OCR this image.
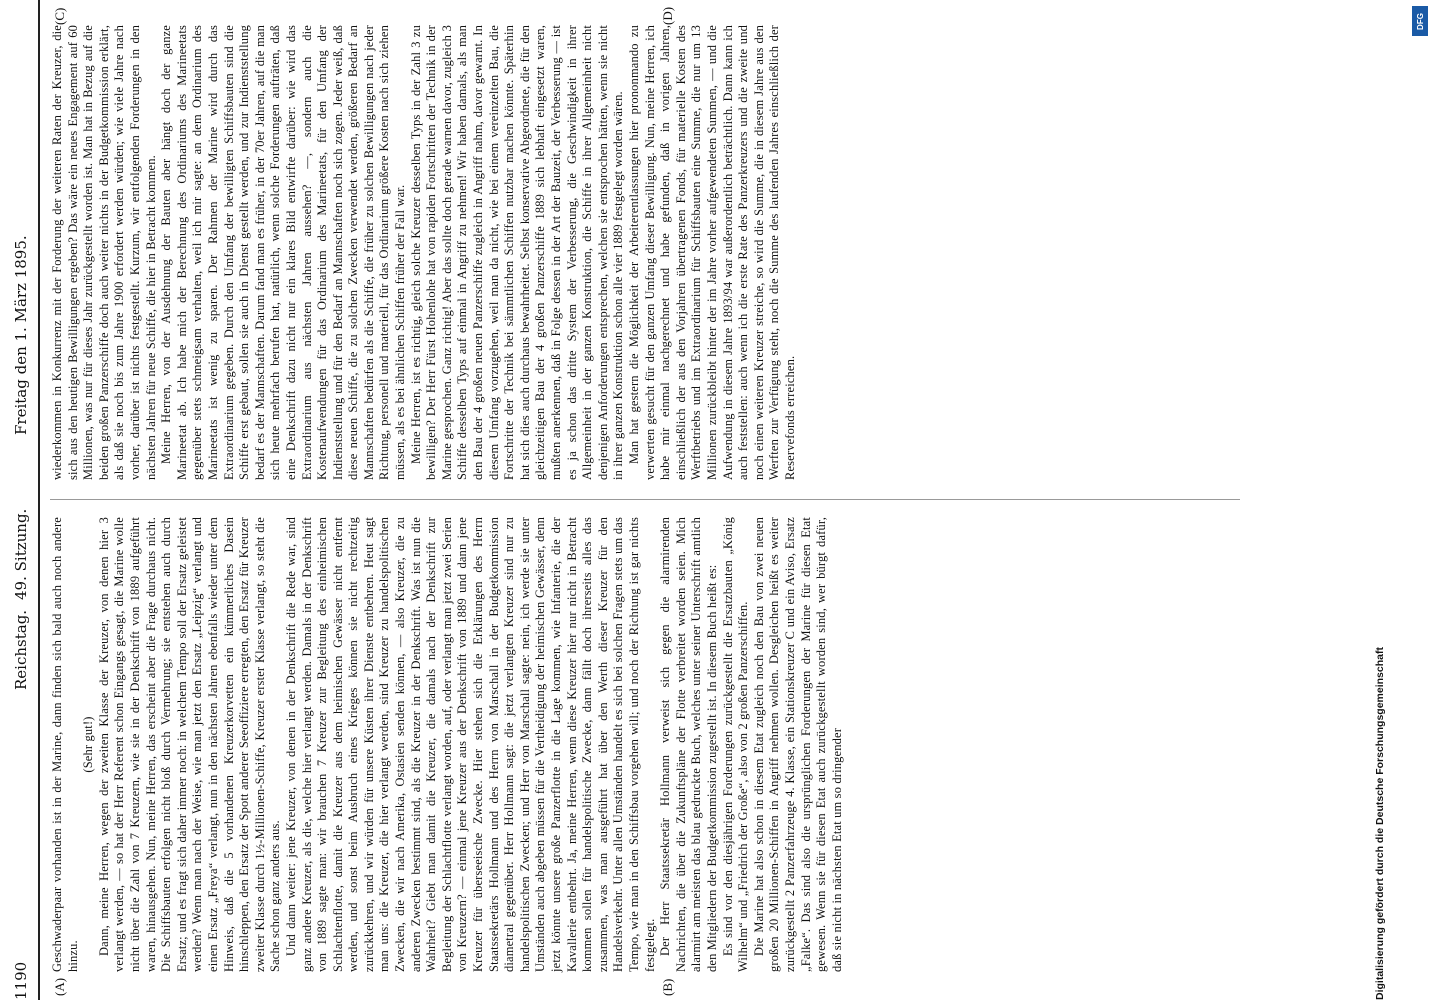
1190
Reichstag.
49. Sitzung.
Freitag den 1. März 1895.
(A)	(B)
(C)	(D)

Geschwaderpaar vorhanden ist in der Marine, dann finden sich bald auch noch andere hinzu.

(Sehr gut!) Dann, meine Herren, wegen der zweiten Klasse der Kreuzer, von denen hier 3 verlangt werden, — so hat der Herr Referent schon Eingangs gesagt, die Marine wolle nicht über die Zahl von 7 Kreuzern, wie sie in der Denkschrift von 1889 aufgeführt waren, hinausgehen. Nun, meine Herren, das erscheint aber die Frage durchaus nicht. Die Schiffsbauten erfolgen nicht bloß durch Vermehrung; sie entstehen auch durch Ersatz; und es fragt sich daher immer noch: in welchem Tempo soll der Ersatz geleistet werden? Wenn man nach der Weise, wie man jetzt den Ersatz „Leipzig“ verlangt und einen Ersatz „Freya“ verlangt, nun in den nächsten Jahren ebenfalls wieder unter dem Hinweis, daß die 5 vorhandenen Kreuzerkorvetten ein kümmerliches Dasein hinschleppen, den Ersatz der Spott anderer Seeoffiziere erregten, den Ersatz für Kreuzer zweiter Klasse durch 1½-Millionen-Schiffe, Kreuzer erster Klasse verlangt, so steht die Sache schon ganz anders aus. Und dann weiter: jene Kreuzer, von denen in der Denkschrift die Rede war, sind ganz andere Kreuzer, als die, welche hier verlangt werden. Damals in der Denkschrift von 1889 sagte man: wir brauchen 7 Kreuzer zur Begleitung des einheimischen Schlachtenflotte, damit die Kreuzer aus dem heimischen Gewässer nicht entfernt werden, und sonst beim Ausbruch eines Krieges können sie nicht rechtzeitig zurückkehren, und wir würden für unsere Küsten ihrer Dienste entbehren. Heut sagt man uns: die Kreuzer, die hier verlangt werden, sind Kreuzer zu handelspolitischen Zwecken, die wir nach Amerika, Ostasien senden können, — also Kreuzer, die zu anderen Zwecken bestimmt sind, als die Kreuzer in der Denkschrift. Was ist nun die Wahrheit? Giebt man damit die Kreuzer, die damals nach der Denkschrift zur Begleitung der Schlachtflotte verlangt worden, auf, oder verlangt man jetzt zwei Serien von Kreuzern? — einmal jene Kreuzer aus der Denkschrift von 1889 und dann jene Kreuzer für überseeische Zwecke. Hier stehen sich die Erklärungen des Herrn Staatssekretärs Hollmann und des Herrn von Marschall in der Budgetkommission diametral gegenüber. Herr Hollmann sagt: die jetzt verlangten Kreuzer sind nur zu handelspolitischen Zwecken; und Herr von Marschall sagte: nein, ich werde sie unter Umständen auch abgeben müssen für die Vertheidigung der heimischen Gewässer, denn jetzt könnte unsere große Panzerflotte in die Lage kommen, wie Infanterie, die der Kavallerie entbehrt. Ja, meine Herren, wenn diese Kreuzer hier nur nicht in Betracht kommen sollen für handelspolitische Zwecke, dann fällt doch ihrerseits alles das zusammen, was man ausgeführt hat über den Werth dieser Kreuzer für den Handelsverkehr. Unter allen Umständen handelt es sich bei solchen Fragen stets um das Tempo, wie man in den Schiffsbau vorgehen will; und noch der Richtung ist gar nichts festgelegt. Der Herr Staatssekretär Hollmann verweist sich gegen die alarmirenden Nachrichten, die über die Zukunftspläne der Flotte verbreitet worden seien. Mich alarmirt am meisten das blau gedruckte Buch, welches unter seiner Unterschrift amtlich den Mitgliedern der Budgetkommission zugestellt ist. In diesem Buch heißt es: Es sind vor den diesjährigen Forderungen zurückgestellt die Ersatzbauten „König Wilhelm“ und „Friedrich der Große“, also von 2 großen Panzerschiffen. Die Marine hat also schon in diesem Etat zugleich noch den Bau von zwei neuen großen 20 Millionen-Schiffen in Angriff nehmen wollen. Desgleichen heißt es weiter zurückgestellt 2 Panzerfahrzeuge 4. Klasse, ein Stationskreuzer C und ein Aviso, Ersatz „Falke“. Das sind also die ursprünglichen Forderungen der Marine für diesen Etat gewesen. Wenn sie für diesen Etat auch zurückgestellt worden sind, wer bürgt dafür, daß sie nicht in nächsten Etat um so dringender

wiederkommen in Konkurrenz mit der Forderung der weiteren Raten der Kreuzer, die sich aus den heutigen Bewilligungen ergeben? Das wäre ein neues Engagement auf 60 Millionen, was nur für dieses Jahr zurückgestellt worden ist. Man hat in Bezug auf die beiden großen Panzerschiffe doch auch weiter nichts in der Budgetkommission erklärt, als daß sie noch bis zum Jahre 1900 erfordert werden würden; wie viele Jahre nach vorher, darüber ist nichts festgestellt. Kurzum, wir entfolgenden Forderungen in den nächsten Jahren für neue Schiffe, die hier in Betracht kommen. Meine Herren, von der Ausdehnung der Bauten aber hängt doch der ganze Marineetat ab. Ich habe mich der Berechnung des Ordinariums des Marineetats gegenüber stets schmeigsam verhalten, weil ich mir sagte: an dem Ordinarium des Marineetats ist wenig zu sparen. Der Rahmen der Marine wird durch das Extraordinarium gegeben. Durch den Umfang der bewilligten Schiffsbauten sind die Schiffe erst gebaut, sollen sie auch in Dienst gestellt werden, und zur Indienststellung bedarf es der Mannschaften. Darum fand man es früher, in der 70er Jahren, auf die man sich heute mehrfach berufen hat, natürlich, wenn solche Forderungen aufträten, daß eine Denkschrift dazu nicht nur ein klares Bild entwirfte darüber: wie wird das Extraordinarium aus nächsten Jahren aussehen? —, sondern auch die Kostenaufwendungen für das Ordinarium des Marineetats, für den Umfang der Indienststellung und für den Bedarf an Mannschaften noch sich zogen. Jeder weiß, daß diese neuen Schiffe, die zu solchen Zwecken verwendet werden, größeren Bedarf an Mannschaften bedürfen als die Schiffe, die früher zu solchen Bewilligungen nach jeder Richtung, personell und materiell, für das Ordinarium größere Kosten nach sich ziehen müssen, als es bei ähnlichen Schiffen früher der Fall war. Meine Herren, ist es richtig, gleich solche Kreuzer desselben Typs in der Zahl 3 zu bewilligen? Der Herr Fürst Hohenlohe hat von rapiden Fortschritten der Technik in der Marine gesprochen. Ganz richtig! Aber das sollte doch gerade warnen davor, zugleich 3 Schiffe desselben Typs auf einmal in Angriff zu nehmen! Wir haben damals, als man den Bau der 4 großen neuen Panzerschiffe zugleich in Angriff nahm, davor gewarnt. In diesem Umfang vorzugehen, weil man da nicht, wie bei einem vereinzelten Bau, die Fortschritte der Technik bei sämmtlichen Schiffen nutzbar machen könnte. Späterhin hat sich dies auch durchaus bewahrheitet. Selbst konservative Abgeordnete, die für den gleichzeitigen Bau der 4 großen Panzerschiffe 1889 sich lebhaft eingesetzt waren, mußten anerkennen, daß in Folge dessen in der Art der Bauzeit, der Verbesserung — ist es ja schon das dritte System der Verbesserung, die Geschwindigkeit in ihrer Allgemeinheit in der ganzen Konstruktion, die Schiffe in ihrer Allgemeinheit nicht denjenigen Anforderungen entsprechen, welchen sie entsprochen hätten, wenn sie nicht in ihrer ganzen Konstruktion schon alle vier 1889 festgelegt worden wären. Man hat gestern die Möglichkeit der Arbeiterentlassungen hier prononmando zu verwerten gesucht für den ganzen Umfang dieser Bewilligung. Nun, meine Herren, ich habe mir einmal nachgerechnet und habe gefunden, daß in vorigen Jahren, einschließlich der aus den Vorjahren übertragenen Fonds, für materielle Kosten des Werftbetriebs und im Extraordinarium für Schiffsbauten eine Summe, die nur um 13 Millionen zurückbleibt hinter der im Jahre vorher aufgewendeten Summen, — und die Aufwendung in diesem Jahre 1893/94 war außerordentlich beträchtlich. Dann kann ich auch feststellen: auch wenn ich die erste Rate des Panzerkreuzers und die zweite und noch einen weiteren Kreuzer streiche, so wird die Summe, die in diesem Jahre aus den Werften zur Verfügung steht, noch die Summe des laufenden Jahres einschließlich der Reservefonds erreichen.

Digitalisierung gefördert durch die Deutsche Forschungsgemeinschaft
DFG
